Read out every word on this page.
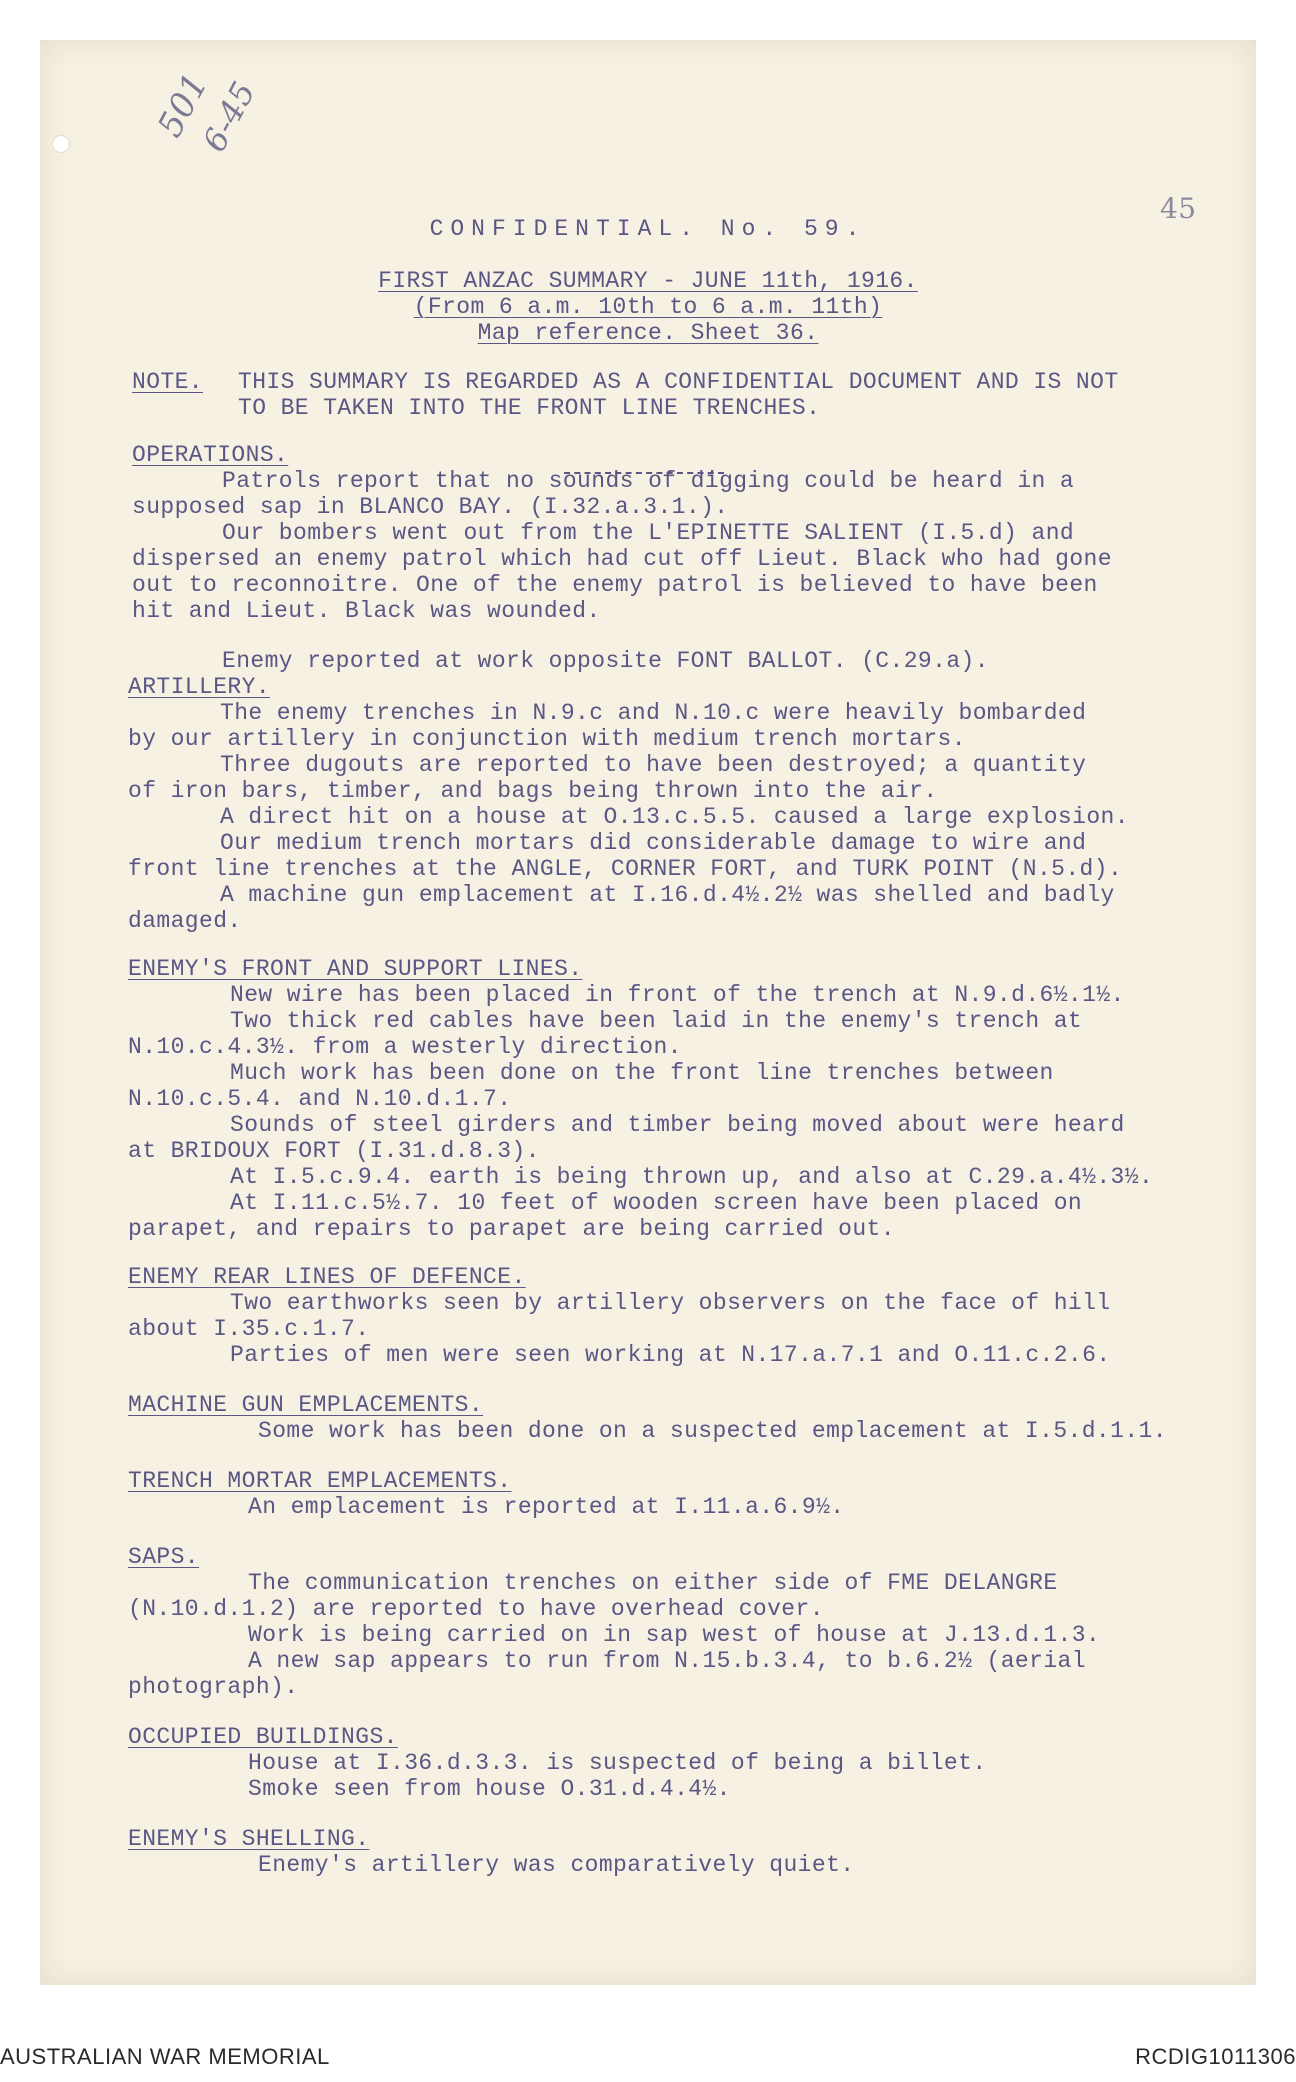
501
6-45
45
CONFIDENTIAL. No. 59.
FIRST ANZAC SUMMARY - JUNE 11th, 1916.
(From 6 a.m. 10th to 6 a.m. 11th)
Map reference. Sheet 36.
NOTE. THIS SUMMARY IS REGARDED AS A CONFIDENTIAL DOCUMENT AND IS NOT
TO BE TAKEN INTO THE FRONT LINE TRENCHES.
OPERATIONS.
Patrols report that no sounds of digging could be heard in a
supposed sap in BLANCO BAY. (I.32.a.3.1.).
Our bombers went out from the L'EPINETTE SALIENT (I.5.d) and
dispersed an enemy patrol which had cut off Lieut. Black who had gone
out to reconnoitre. One of the enemy patrol is believed to have been
hit and Lieut. Black was wounded.
Enemy reported at work opposite FONT BALLOT. (C.29.a).
ARTILLERY.
The enemy trenches in N.9.c and N.10.c were heavily bombarded
by our artillery in conjunction with medium trench mortars.
Three dugouts are reported to have been destroyed; a quantity
of iron bars, timber, and bags being thrown into the air.
A direct hit on a house at O.13.c.5.5. caused a large explosion.
Our medium trench mortars did considerable damage to wire and
front line trenches at the ANGLE, CORNER FORT, and TURK POINT (N.5.d).
A machine gun emplacement at I.16.d.4½.2½ was shelled and badly
damaged.
ENEMY'S FRONT AND SUPPORT LINES.
New wire has been placed in front of the trench at N.9.d.6½.1½.
Two thick red cables have been laid in the enemy's trench at
N.10.c.4.3½. from a westerly direction.
Much work has been done on the front line trenches between
N.10.c.5.4. and N.10.d.1.7.
Sounds of steel girders and timber being moved about were heard
at BRIDOUX FORT (I.31.d.8.3).
At I.5.c.9.4. earth is being thrown up, and also at C.29.a.4½.3½.
At I.11.c.5½.7. 10 feet of wooden screen have been placed on
parapet, and repairs to parapet are being carried out.
ENEMY REAR LINES OF DEFENCE.
Two earthworks seen by artillery observers on the face of hill
about I.35.c.1.7.
Parties of men were seen working at N.17.a.7.1 and O.11.c.2.6.
MACHINE GUN EMPLACEMENTS.
Some work has been done on a suspected emplacement at I.5.d.1.1.
TRENCH MORTAR EMPLACEMENTS.
An emplacement is reported at I.11.a.6.9½.
SAPS.
The communication trenches on either side of FME DELANGRE
(N.10.d.1.2) are reported to have overhead cover.
Work is being carried on in sap west of house at J.13.d.1.3.
A new sap appears to run from N.15.b.3.4, to b.6.2½ (aerial
photograph).
OCCUPIED BUILDINGS.
House at I.36.d.3.3. is suspected of being a billet.
Smoke seen from house O.31.d.4.4½.
ENEMY'S SHELLING.
Enemy's artillery was comparatively quiet.
AUSTRALIAN WAR MEMORIAL	RCDIG1011306
